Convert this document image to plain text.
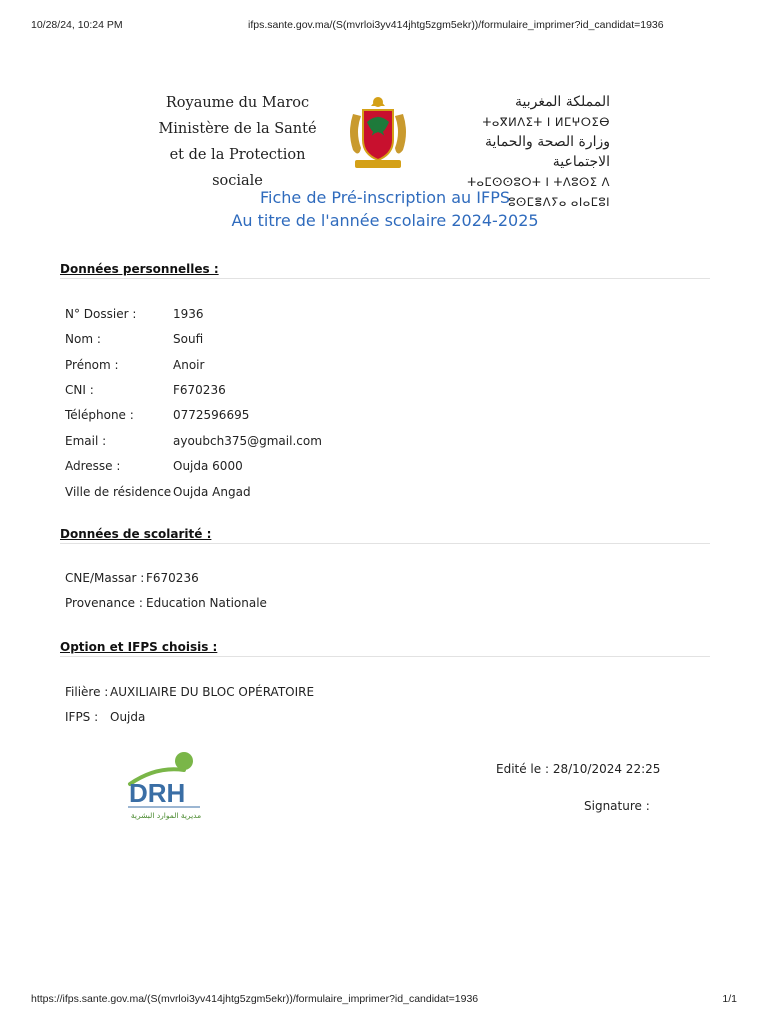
10/28/24, 10:24 PM	ifps.sante.gov.ma/(S(mvrloi3yv414jhtg5zgm5ekr))/formulaire_imprimer?id_candidat=1936
Royaume du Maroc
Ministère de la Santé
et de la Protection sociale
المملكة المغربية
ⵜⴰⴳⵍⴷⵉⵜ ⵏ ⵍⵎⵖⵔⵉⴱ
وزارة الصحة والحماية الاجتماعية
ⵜⴰⵎⵙⵙⵓⵔⵜ ⵏ ⵜⴷⵓⵙⵉ ⴷ ⵓⵙⵎⴻⴷⵢⴰ ⴰⵏⴰⵎⵓⵏ
Fiche de Pré-inscription au IFPS
Au titre de l'année scolaire 2024-2025
Données personnelles :
N° Dossier :	1936
Nom :	Soufi
Prénom :	Anoir
CNI :	F670236
Téléphone :	0772596695
Email :	ayoubch375@gmail.com
Adresse :	Oujda 6000
Ville de résidence Oujda Angad
Données de scolarité :
CNE/Massar : F670236
Provenance : Education Nationale
Option et IFPS choisis :
Filière : AUXILIAIRE DU BLOC OPÉRATOIRE
IFPS : Oujda
DRH
مديرية الموارد البشرية
Edité le : 28/10/2024 22:25
Signature :
https://ifps.sante.gov.ma/(S(mvrloi3yv414jhtg5zgm5ekr))/formulaire_imprimer?id_candidat=1936	1/1
